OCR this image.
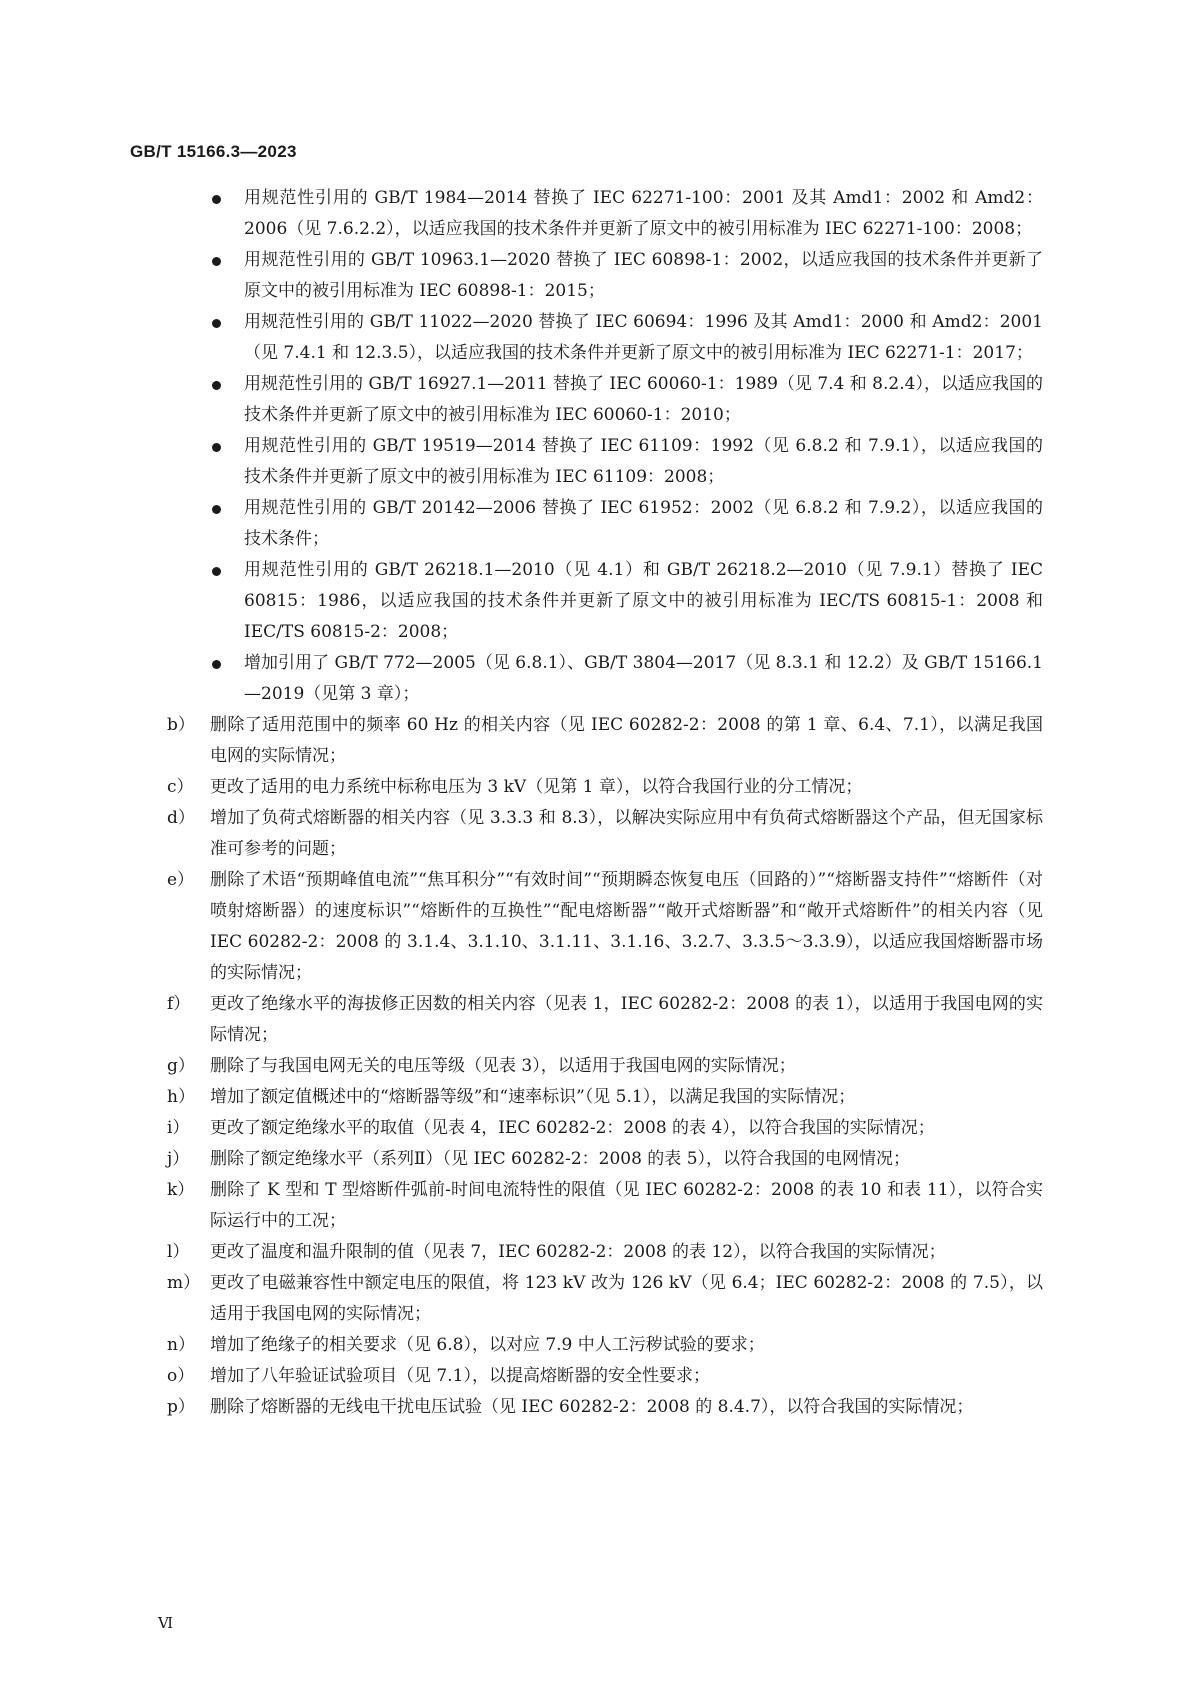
GB/T 15166.3—2023
用规范性引用的 GB/T 1984—2014 替换了 IEC 62271-100：2001 及其 Amd1：2002 和 Amd2：2006（见 7.6.2.2），以适应我国的技术条件并更新了原文中的被引用标准为 IEC 62271-100：2008；
用规范性引用的 GB/T 10963.1—2020 替换了 IEC 60898-1：2002，以适应我国的技术条件并更新了原文中的被引用标准为 IEC 60898-1：2015；
用规范性引用的 GB/T 11022—2020 替换了 IEC 60694：1996 及其 Amd1：2000 和 Amd2：2001（见 7.4.1 和 12.3.5），以适应我国的技术条件并更新了原文中的被引用标准为 IEC 62271-1：2017；
用规范性引用的 GB/T 16927.1—2011 替换了 IEC 60060-1：1989（见 7.4 和 8.2.4），以适应我国的技术条件并更新了原文中的被引用标准为 IEC 60060-1：2010；
用规范性引用的 GB/T 19519—2014 替换了 IEC 61109：1992（见 6.8.2 和 7.9.1），以适应我国的技术条件并更新了原文中的被引用标准为 IEC 61109：2008；
用规范性引用的 GB/T 20142—2006 替换了 IEC 61952：2002（见 6.8.2 和 7.9.2），以适应我国的技术条件；
用规范性引用的 GB/T 26218.1—2010（见 4.1）和 GB/T 26218.2—2010（见 7.9.1）替换了 IEC 60815：1986，以适应我国的技术条件并更新了原文中的被引用标准为 IEC/TS 60815-1：2008 和 IEC/TS 60815-2：2008；
增加引用了 GB/T 772—2005（见 6.8.1）、GB/T 3804—2017（见 8.3.1 和 12.2）及 GB/T 15166.1—2019（见第 3 章）；
b） 删除了适用范围中的频率 60 Hz 的相关内容（见 IEC 60282-2：2008 的第 1 章、6.4、7.1），以满足我国电网的实际情况；
c） 更改了适用的电力系统中标称电压为 3 kV（见第 1 章），以符合我国行业的分工情况；
d） 增加了负荷式熔断器的相关内容（见 3.3.3 和 8.3），以解决实际应用中有负荷式熔断器这个产品，但无国家标准可参考的问题；
e） 删除了术语“预期峰值电流”“焦耳积分”“有效时间”“预期瞬态恢复电压（回路的）”“熔断器支持件”“熔断件（对喷射熔断器）的速度标识”“熔断件的互换性”“配电熔断器”“敞开式熔断器”和“敞开式熔断件”的相关内容（见 IEC 60282-2：2008 的 3.1.4、3.1.10、3.1.11、3.1.16、3.2.7、3.3.5～3.3.9），以适应我国熔断器市场的实际情况；
f） 更改了绝缘水平的海拔修正因数的相关内容（见表 1，IEC 60282-2：2008 的表 1），以适用于我国电网的实际情况；
g） 删除了与我国电网无关的电压等级（见表 3），以适用于我国电网的实际情况；
h） 增加了额定值概述中的“熔断器等级”和“速率标识”（见 5.1），以满足我国的实际情况；
i） 更改了额定绝缘水平的取值（见表 4，IEC 60282-2：2008 的表 4），以符合我国的实际情况；
j） 删除了额定绝缘水平（系列Ⅱ）（见 IEC 60282-2：2008 的表 5），以符合我国的电网情况；
k） 删除了 K 型和 T 型熔断件弧前-时间电流特性的限值（见 IEC 60282-2：2008 的表 10 和表 11），以符合实际运行中的工况；
l） 更改了温度和温升限制的值（见表 7，IEC 60282-2：2008 的表 12），以符合我国的实际情况；
m） 更改了电磁兼容性中额定电压的限值，将 123 kV 改为 126 kV（见 6.4；IEC 60282-2：2008 的 7.5），以适用于我国电网的实际情况；
n） 增加了绝缘子的相关要求（见 6.8），以对应 7.9 中人工污秽试验的要求；
o） 增加了八年验证试验项目（见 7.1），以提高熔断器的安全性要求；
p） 删除了熔断器的无线电干扰电压试验（见 IEC 60282-2：2008 的 8.4.7），以符合我国的实际情况；
Ⅵ
